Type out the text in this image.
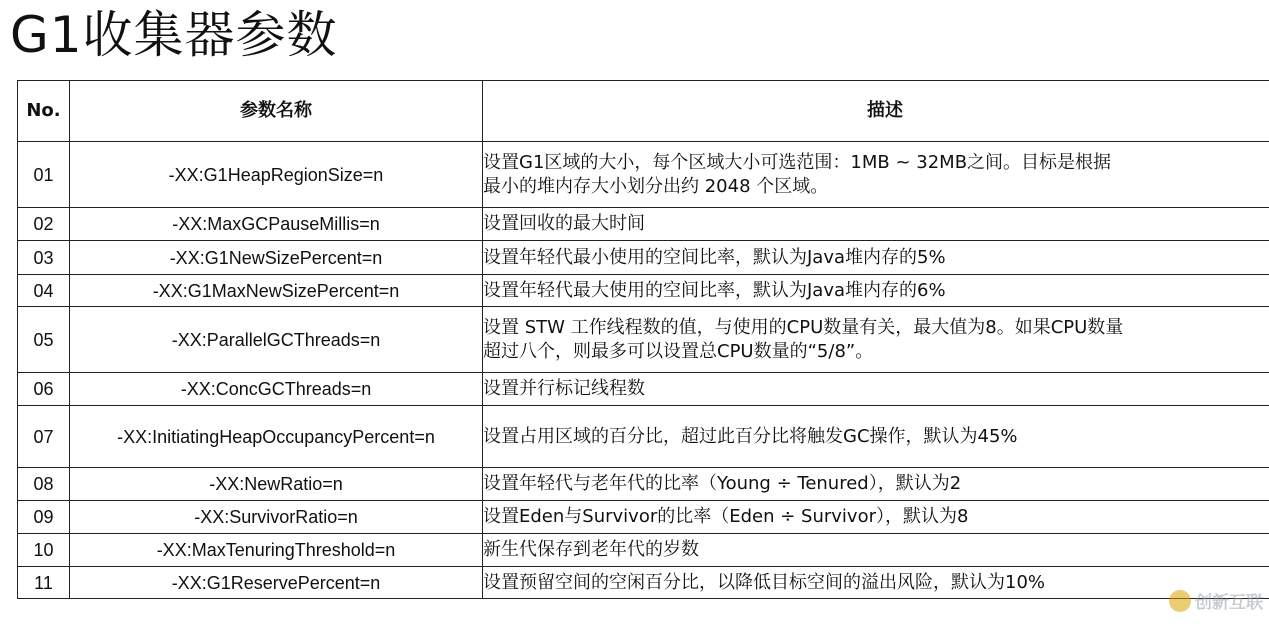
G1收集器参数
No.	参数名称	描述
01	-XX:G1HeapRegionSize=n	设置G1区域的大小，每个区域大小可选范围：1MB ~ 32MB之间。目标是根据
最小的堆内存大小划分出约 2048 个区域。

02	-XX:MaxGCPauseMillis=n	设置回收的最大时间

03	-XX:G1NewSizePercent=n	设置年轻代最小使用的空间比率，默认为Java堆内存的5%

04	-XX:G1MaxNewSizePercent=n	设置年轻代最大使用的空间比率，默认为Java堆内存的6%

05	-XX:ParallelGCThreads=n	设置 STW 工作线程数的值，与使用的CPU数量有关，最大值为8。如果CPU数量
超过八个，则最多可以设置总CPU数量的“5/8”。

06	-XX:ConcGCThreads=n	设置并行标记线程数

07	-XX:InitiatingHeapOccupancyPercent=n	设置占用区域的百分比，超过此百分比将触发GC操作，默认为45%

08	-XX:NewRatio=n	设置年轻代与老年代的比率（Young ÷ Tenured），默认为2

09	-XX:SurvivorRatio=n	设置Eden与Survivor的比率（Eden ÷ Survivor），默认为8

10	-XX:MaxTenuringThreshold=n	新生代保存到老年代的岁数

11	-XX:G1ReservePercent=n	设置预留空间的空闲百分比，以降低目标空间的溢出风险，默认为10%
创新互联
